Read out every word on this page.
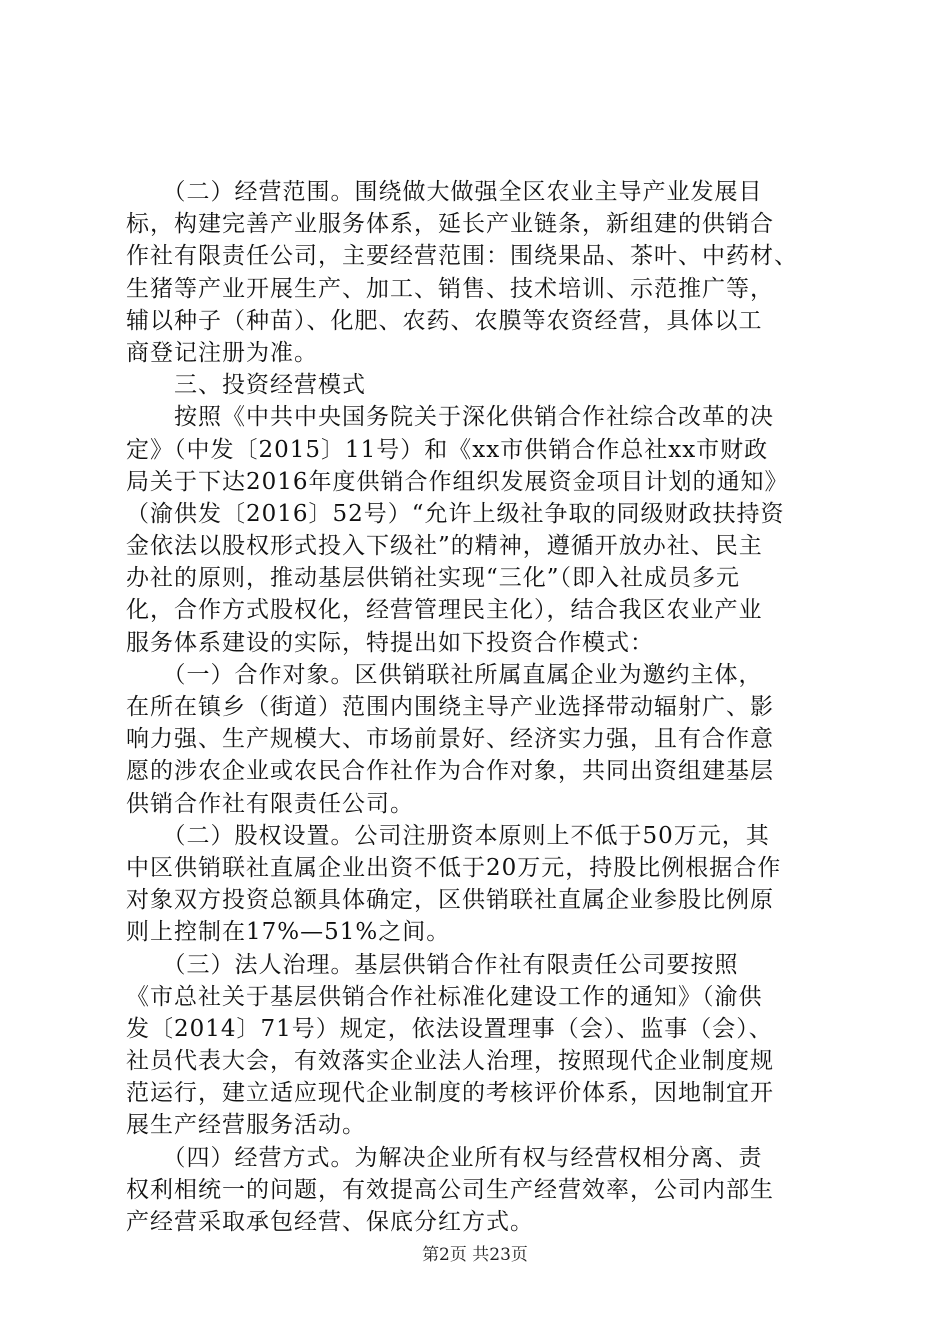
　　（二）经营范围。围绕做大做强全区农业主导产业发展目
标，构建完善产业服务体系，延长产业链条，新组建的供销合
作社有限责任公司，主要经营范围：围绕果品、茶叶、中药材、
生猪等产业开展生产、加工、销售、技术培训、示范推广等，
辅以种子（种苗）、化肥、农药、农膜等农资经营，具体以工
商登记注册为准。
　　三、投资经营模式
　　按照《中共中央国务院关于深化供销合作社综合改革的决
定》（中发〔2015〕11号）和《xx市供销合作总社xx市财政
局关于下达2016年度供销合作组织发展资金项目计划的通知》
（渝供发〔2016〕52号）“允许上级社争取的同级财政扶持资
金依法以股权形式投入下级社”的精神，遵循开放办社、民主
办社的原则，推动基层供销社实现“三化”（即入社成员多元
化，合作方式股权化，经营管理民主化），结合我区农业产业
服务体系建设的实际，特提出如下投资合作模式：
　　（一）合作对象。区供销联社所属直属企业为邀约主体，
在所在镇乡（街道）范围内围绕主导产业选择带动辐射广、影
响力强、生产规模大、市场前景好、经济实力强，且有合作意
愿的涉农企业或农民合作社作为合作对象，共同出资组建基层
供销合作社有限责任公司。
　　（二）股权设置。公司注册资本原则上不低于50万元，其
中区供销联社直属企业出资不低于20万元，持股比例根据合作
对象双方投资总额具体确定，区供销联社直属企业参股比例原
则上控制在17%—51%之间。
　　（三）法人治理。基层供销合作社有限责任公司要按照
《市总社关于基层供销合作社标准化建设工作的通知》（渝供
发〔2014〕71号）规定，依法设置理事（会）、监事（会）、
社员代表大会，有效落实企业法人治理，按照现代企业制度规
范运行，建立适应现代企业制度的考核评价体系，因地制宜开
展生产经营服务活动。
　　（四）经营方式。为解决企业所有权与经营权相分离、责
权利相统一的问题，有效提高公司生产经营效率，公司内部生
产经营采取承包经营、保底分红方式。
第2页 共23页
